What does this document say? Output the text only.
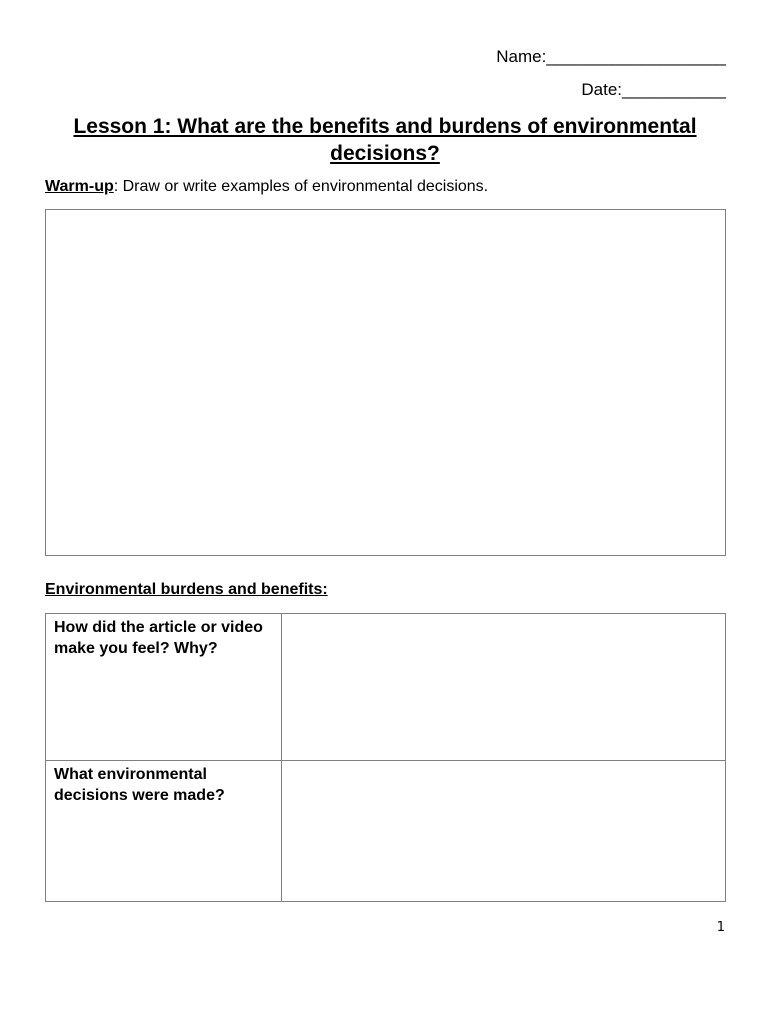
Name:___________________
Date:___________
Lesson 1: What are the benefits and burdens of environmental decisions?
Warm-up: Draw or write examples of environmental decisions.
Environmental burdens and benefits:
How did the article or video make you feel? Why?	
What environmental decisions were made?	
1
